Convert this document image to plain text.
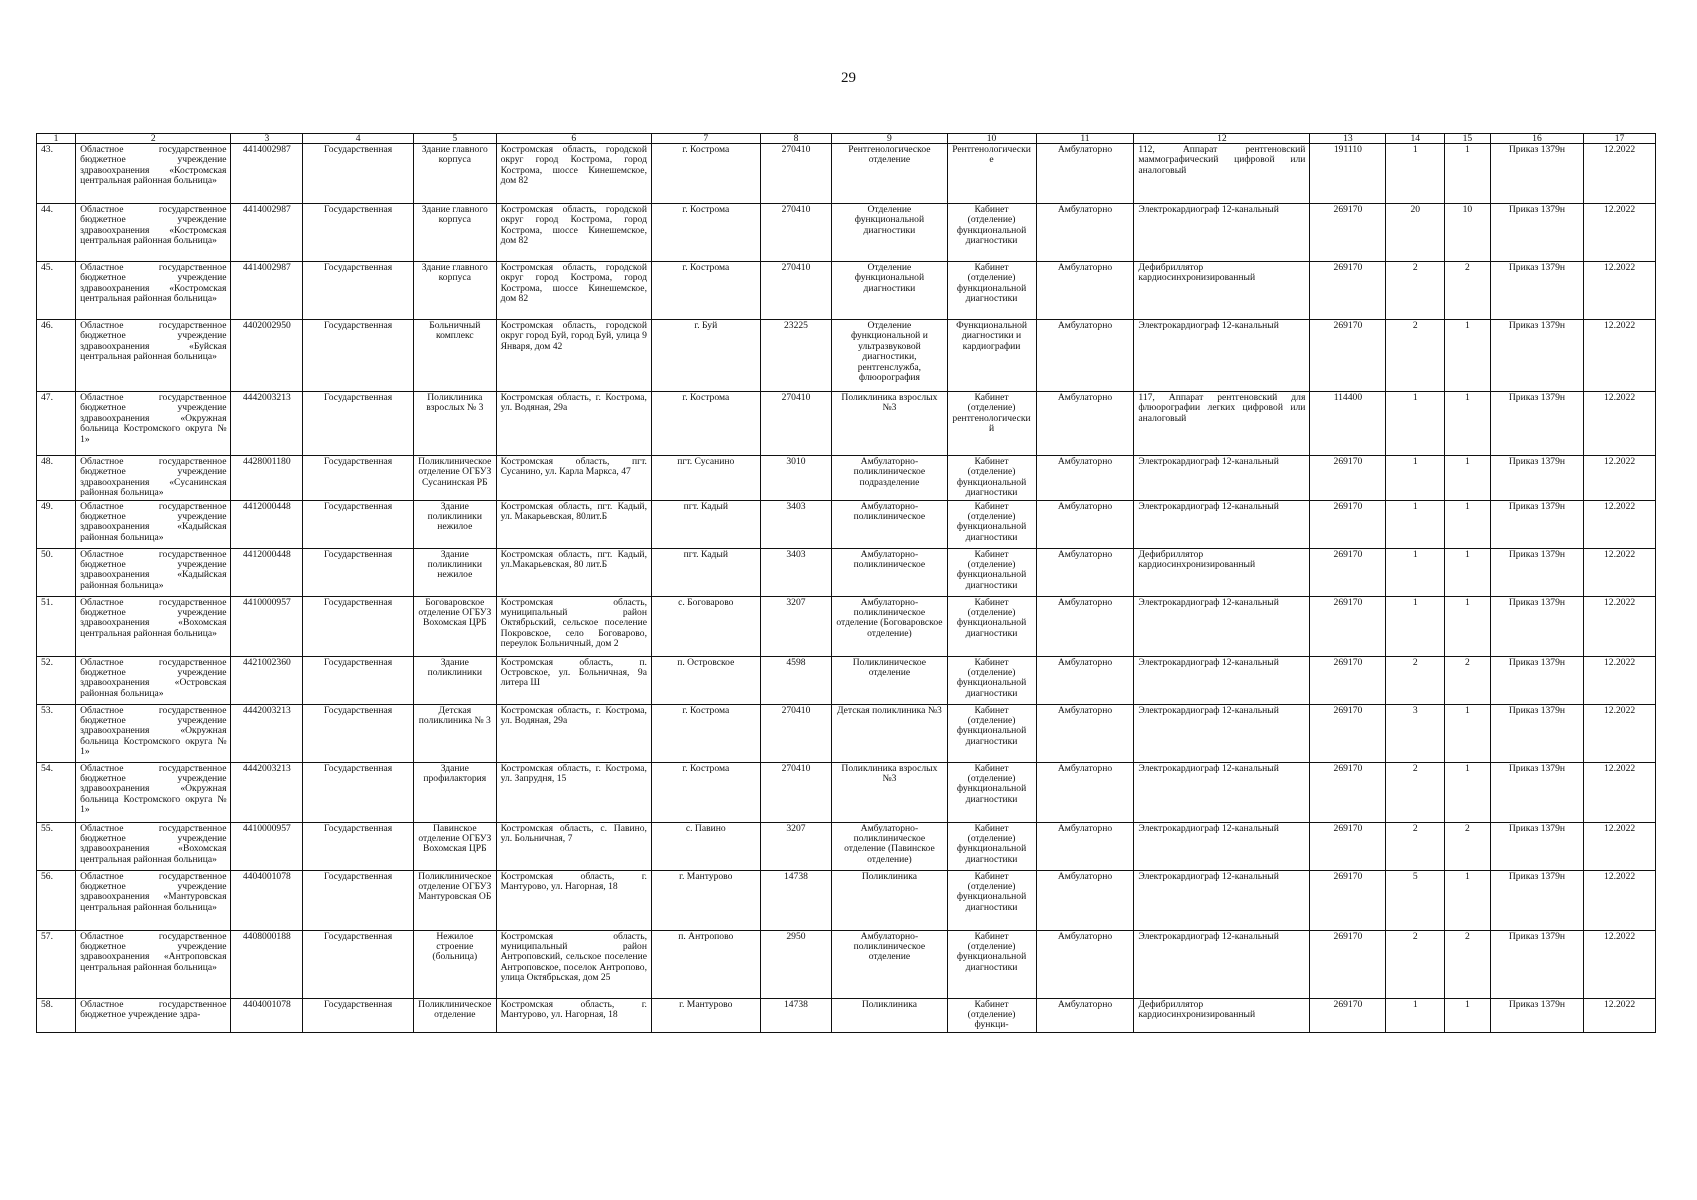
29
1	2	3	4	5	6	7	8	9	10	11	12	13	14	15	16	17
43.	Областное государственное бюджетное учреждение здравоохранения «Костромская центральная районная больница»	4414002987	Государственная	Здание главного корпуса	Костромская область, городской округ город Кострома, город Кострома, шоссе Кинешемское, дом 82	г. Кострома	270410	Рентгенологическое отделение	Рентгенологические	Амбулаторно	112, Аппарат рентгеновский маммографический цифровой или аналоговый	191110	1	1	Приказ 1379н	12.2022
44.	Областное государственное бюджетное учреждение здравоохранения «Костромская центральная районная больница»	4414002987	Государственная	Здание главного корпуса	Костромская область, городской округ город Кострома, город Кострома, шоссе Кинешемское, дом 82	г. Кострома	270410	Отделение функциональной диагностики	Кабинет (отделение) функциональной диагностики	Амбулаторно	Электрокардиограф 12-канальный	269170	20	10	Приказ 1379н	12.2022
45.	Областное государственное бюджетное учреждение здравоохранения «Костромская центральная районная больница»	4414002987	Государственная	Здание главного корпуса	Костромская область, городской округ город Кострома, город Кострома, шоссе Кинешемское, дом 82	г. Кострома	270410	Отделение функциональной диагностики	Кабинет (отделение) функциональной диагностики	Амбулаторно	Дефибриллятор кардиосинхронизированный	269170	2	2	Приказ 1379н	12.2022
46.	Областное государственное бюджетное учреждение здравоохранения «Буйская центральная районная больница»	4402002950	Государственная	Больничный комплекс	Костромская область, городской округ город Буй, город Буй, улица 9 Января, дом 42	г. Буй	23225	Отделение функциональной и ультразвуковой диагностики, рентгенслужба, флюорография	Функциональной диагностики и кардиографии	Амбулаторно	Электрокардиограф 12-канальный	269170	2	1	Приказ 1379н	12.2022
47.	Областное государственное бюджетное учреждение здравоохранения «Окружная больница Костромского округа № 1»	4442003213	Государственная	Поликлиника взрослых № 3	Костромская область, г. Кострома, ул. Водяная, 29а	г. Кострома	270410	Поликлиника взрослых №3	Кабинет (отделение) рентгенологический	Амбулаторно	117, Аппарат рентгеновский для флюорографии легких цифровой или аналоговый	114400	1	1	Приказ 1379н	12.2022
48.	Областное государственное бюджетное учреждение здравоохранения «Сусанинская районная больница»	4428001180	Государственная	Поликлиническое отделение ОГБУЗ Сусанинская РБ	Костромская область, пгт. Сусанино, ул. Карла Маркса, 47	пгт. Сусанино	3010	Амбулаторно-поликлиническое подразделение	Кабинет (отделение) функциональной диагностики	Амбулаторно	Электрокардиограф 12-канальный	269170	1	1	Приказ 1379н	12.2022
49.	Областное государственное бюджетное учреждение здравоохранения «Кадыйская районная больница»	4412000448	Государственная	Здание поликлиники нежилое	Костромская область, пгт. Кадый, ул. Макарьевская, 80лит.Б	пгт. Кадый	3403	Амбулаторно-поликлиническое	Кабинет (отделение) функциональной диагностики	Амбулаторно	Электрокардиограф 12-канальный	269170	1	1	Приказ 1379н	12.2022
50.	Областное государственное бюджетное учреждение здравоохранения «Кадыйская районная больница»	4412000448	Государственная	Здание поликлиники нежилое	Костромская область, пгт. Кадый, ул.Макарьевская, 80 лит.Б	пгт. Кадый	3403	Амбулаторно-поликлиническое	Кабинет (отделение) функциональной диагностики	Амбулаторно	Дефибриллятор кардиосинхронизированный	269170	1	1	Приказ 1379н	12.2022
51.	Областное государственное бюджетное учреждение здравоохранения «Вохомская центральная районная больница»	4410000957	Государственная	Боговаровское отделение ОГБУЗ Вохомская ЦРБ	Костромская область, муниципальный район Октябрьский, сельское поселение Покровское, село Боговарово, переулок Больничный, дом 2	с. Боговарово	3207	Амбулаторно-поликлиническое отделение (Боговаровское отделение)	Кабинет (отделение) функциональной диагностики	Амбулаторно	Электрокардиограф 12-канальный	269170	1	1	Приказ 1379н	12.2022
52.	Областное государственное бюджетное учреждение здравоохранения «Островская районная больница»	4421002360	Государственная	Здание поликлиники	Костромская область, п. Островское, ул. Больничная, 9а литера Ш	п. Островское	4598	Поликлиническое отделение	Кабинет (отделение) функциональной диагностики	Амбулаторно	Электрокардиограф 12-канальный	269170	2	2	Приказ 1379н	12.2022
53.	Областное государственное бюджетное учреждение здравоохранения «Окружная больница Костромского округа № 1»	4442003213	Государственная	Детская поликлиника № 3	Костромская область, г. Кострома, ул. Водяная, 29а	г. Кострома	270410	Детская поликлиника №3	Кабинет (отделение) функциональной диагностики	Амбулаторно	Электрокардиограф 12-канальный	269170	3	1	Приказ 1379н	12.2022
54.	Областное государственное бюджетное учреждение здравоохранения «Окружная больница Костромского округа № 1»	4442003213	Государственная	Здание профилактория	Костромская область, г. Кострома, ул. Запрудня, 15	г. Кострома	270410	Поликлиника взрослых №3	Кабинет (отделение) функциональной диагностики	Амбулаторно	Электрокардиограф 12-канальный	269170	2	1	Приказ 1379н	12.2022
55.	Областное государственное бюджетное учреждение здравоохранения «Вохомская центральная районная больница»	4410000957	Государственная	Павинское отделение ОГБУЗ Вохомская ЦРБ	Костромская область, с. Павино, ул. Больничная, 7	с. Павино	3207	Амбулаторно-поликлиническое отделение (Павинское отделение)	Кабинет (отделение) функциональной диагностики	Амбулаторно	Электрокардиограф 12-канальный	269170	2	2	Приказ 1379н	12.2022
56.	Областное государственное бюджетное учреждение здравоохранения «Мантуровская центральная районная больница»	4404001078	Государственная	Поликлиническое отделение ОГБУЗ Мантуровская ОБ	Костромская область, г. Мантурово, ул. Нагорная, 18	г. Мантурово	14738	Поликлиника	Кабинет (отделение) функциональной диагностики	Амбулаторно	Электрокардиограф 12-канальный	269170	5	1	Приказ 1379н	12.2022
57.	Областное государственное бюджетное учреждение здравоохранения «Антроповская центральная районная больница»	4408000188	Государственная	Нежилое строение (больница)	Костромская область, муниципальный район Антроповский, сельское поселение Антроповское, поселок Антропово, улица Октябрьская, дом 25	п. Антропово	2950	Амбулаторно-поликлиническое отделение	Кабинет (отделение) функциональной диагностики	Амбулаторно	Электрокардиограф 12-канальный	269170	2	2	Приказ 1379н	12.2022
58.	Областное государственное бюджетное учреждение здра-	4404001078	Государственная	Поликлиническое отделение	Костромская область, г. Мантурово, ул. Нагорная, 18	г. Мантурово	14738	Поликлиника	Кабинет (отделение) функци-	Амбулаторно	Дефибриллятор кардиосинхронизированный	269170	1	1	Приказ 1379н	12.2022
